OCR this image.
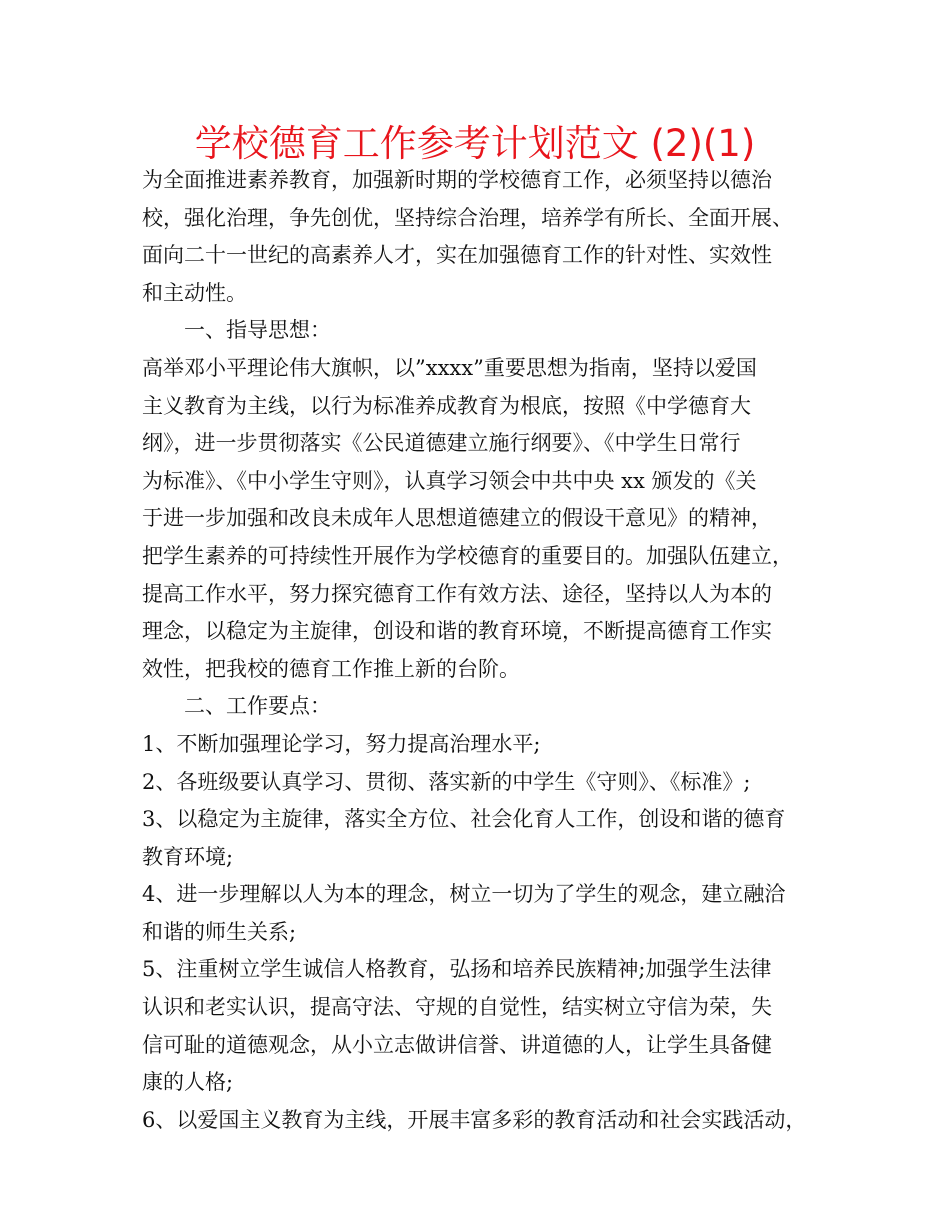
学校德育工作参考计划范文 (2)(1)
为全面推进素养教育，加强新时期的学校德育工作，必须坚持以德治
校，强化治理，争先创优，坚持综合治理，培养学有所长、全面开展、
面向二十一世纪的高素养人才，实在加强德育工作的针对性、实效性
和主动性。
一、指导思想：
高举邓小平理论伟大旗帜，以”xxxx”重要思想为指南，坚持以爱国
主义教育为主线，以行为标准养成教育为根底，按照《中学德育大
纲》，进一步贯彻落实《公民道德建立施行纲要》、《中学生日常行
为标准》、《中小学生守则》，认真学习领会中共中央 xx 颁发的《关
于进一步加强和改良未成年人思想道德建立的假设干意见》的精神，
把学生素养的可持续性开展作为学校德育的重要目的。加强队伍建立，
提高工作水平，努力探究德育工作有效方法、途径，坚持以人为本的
理念，以稳定为主旋律，创设和谐的教育环境，不断提高德育工作实
效性，把我校的德育工作推上新的台阶。
二、工作要点：
1、不断加强理论学习，努力提高治理水平;
2、各班级要认真学习、贯彻、落实新的中学生《守则》、《标准》;
3、以稳定为主旋律，落实全方位、社会化育人工作，创设和谐的德育
教育环境;
4、进一步理解以人为本的理念，树立一切为了学生的观念，建立融洽
和谐的师生关系;
5、注重树立学生诚信人格教育，弘扬和培养民族精神;加强学生法律
认识和老实认识，提高守法、守规的自觉性，结实树立守信为荣，失
信可耻的道德观念，从小立志做讲信誉、讲道德的人，让学生具备健
康的人格;
6、以爱国主义教育为主线，开展丰富多彩的教育活动和社会实践活动，
